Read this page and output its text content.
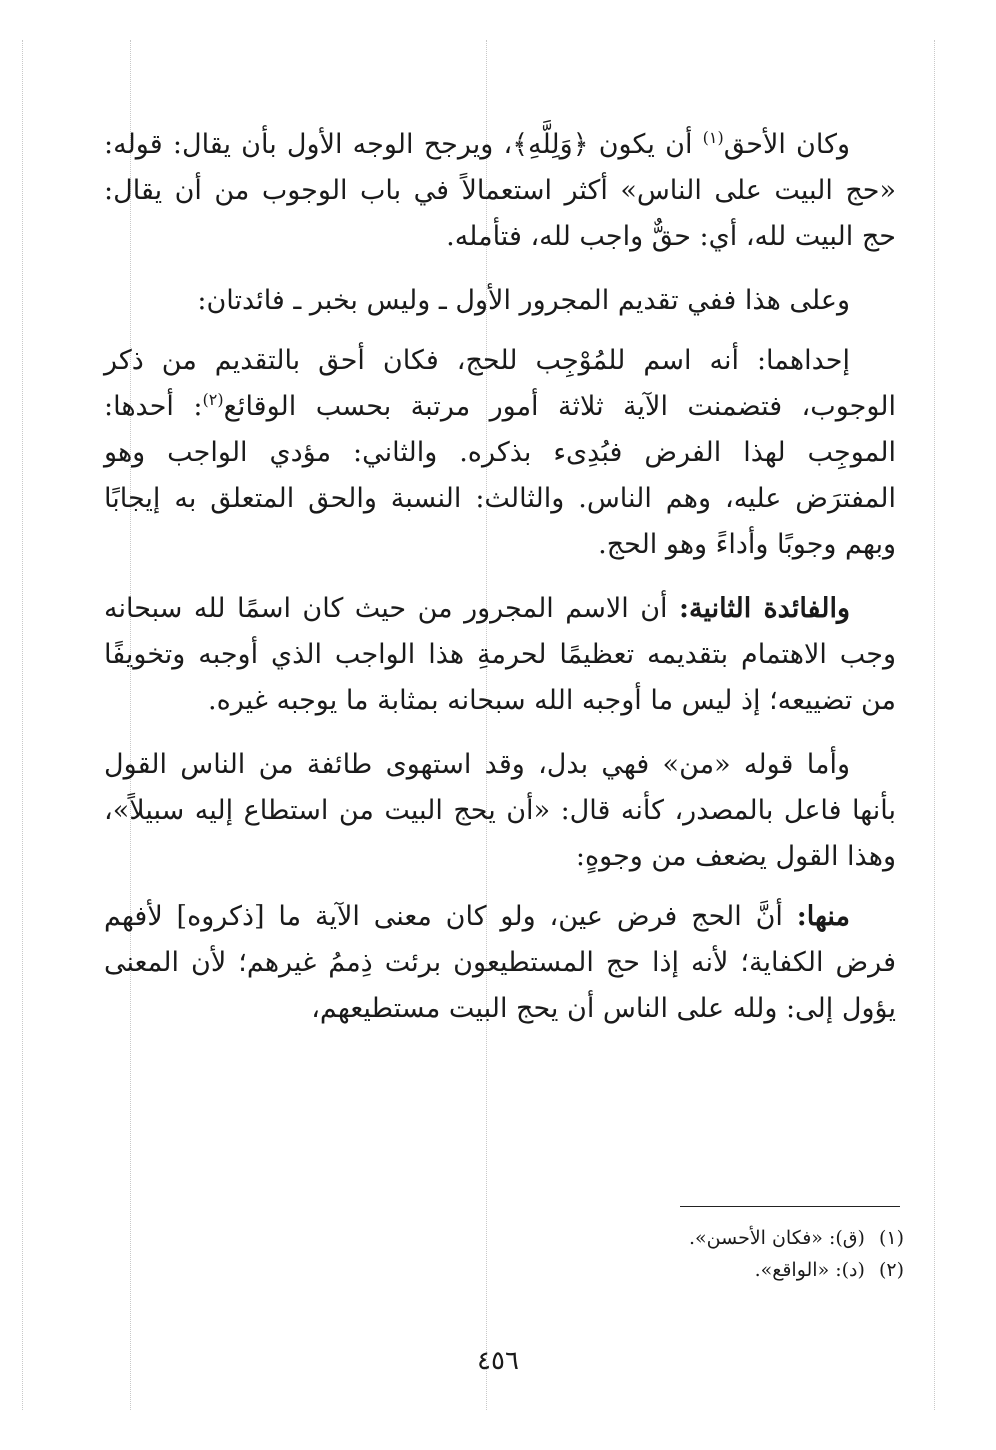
وكان الأحق$^{(١)}$ أن يكون ﴿وَلِلَّهِ﴾، ويرجح الوجه الأول بأن يقال: قوله: «حج البيت على الناس» أكثر استعمالاً في باب الوجوب من أن يقال: حج البيت لله، أي: حقٌّ واجب لله، فتأمله.

وعلى هذا ففي تقديم المجرور الأول ـ وليس بخبر ـ فائدتان:

إحداهما: أنه اسم للمُوْجِب للحج، فكان أحق بالتقديم من ذكر الوجوب، فتضمنت الآية ثلاثة أمور مرتبة بحسب الوقائع$^{(٢)}$: أحدها: الموجِب لهذا الفرض فبُدِىء بذكره. والثاني: مؤدي الواجب وهو المفترَض عليه، وهم الناس. والثالث: النسبة والحق المتعلق به إيجابًا وبهم وجوبًا وأداءً وهو الحج.

والفائدة الثانية: أن الاسم المجرور من حيث كان اسمًا لله سبحانه وجب الاهتمام بتقديمه تعظيمًا لحرمةِ هذا الواجب الذي أوجبه وتخويفًا من تضييعه؛ إذ ليس ما أوجبه الله سبحانه بمثابة ما يوجبه غيره.

وأما قوله «من» فهي بدل، وقد استهوى طائفة من الناس القول بأنها فاعل بالمصدر، كأنه قال: «أن يحج البيت من استطاع إليه سبيلاً»، وهذا القول يضعف من وجوهٍ:

منها: أنَّ الحج فرض عين، ولو كان معنى الآية ما [ذكروه] لأفهم فرض الكفاية؛ لأنه إذا حج المستطيعون برئت ذِممُ غيرهم؛ لأن المعنى يؤول إلى: ولله على الناس أن يحج البيت مستطيعهم،

(١)(ق): «فكان الأحسن».
(٢)(د): «الواقع».
٤٥٦
